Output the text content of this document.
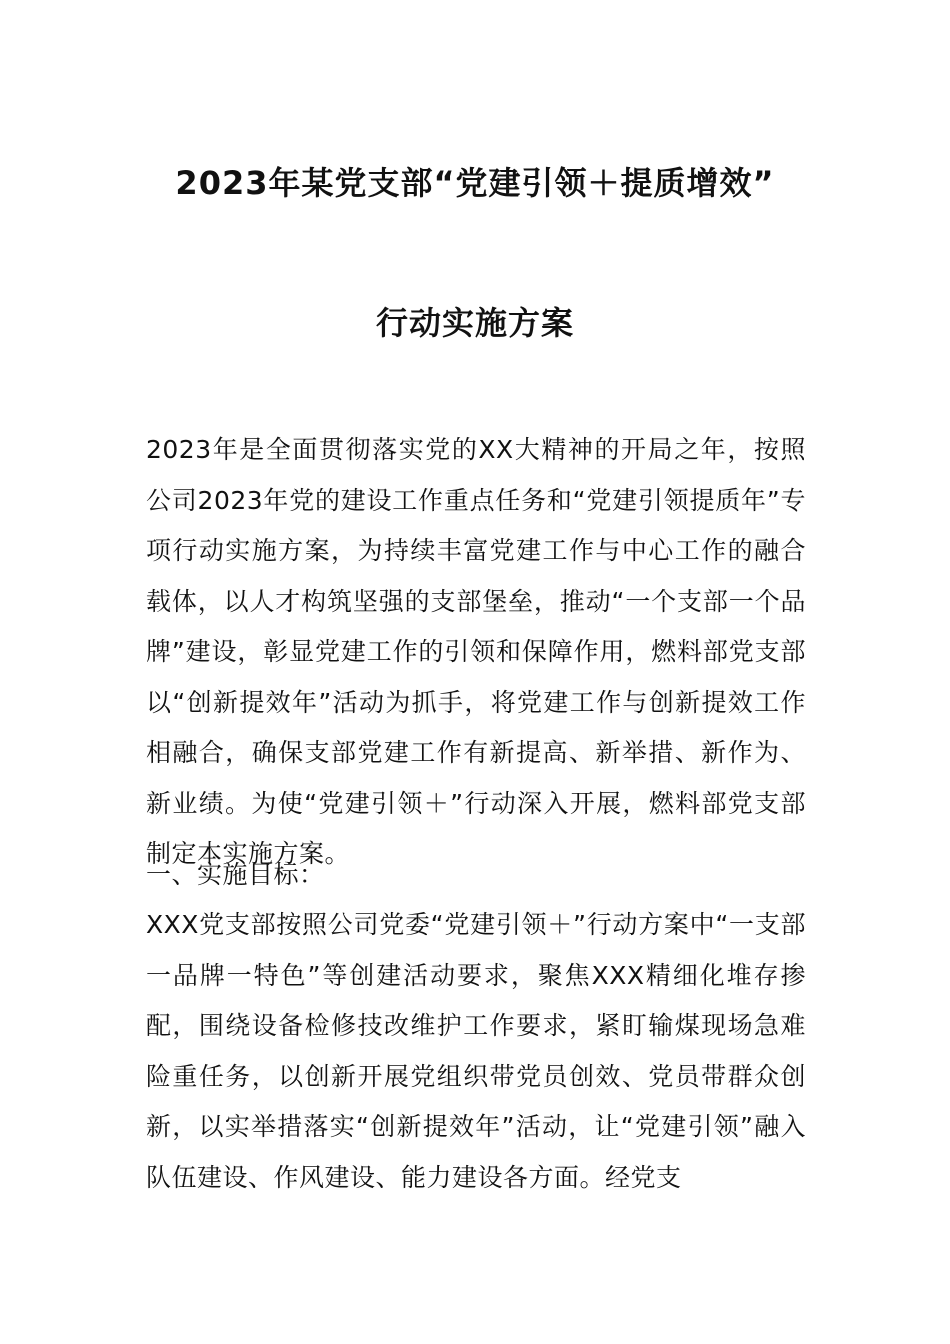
2023年某党支部“党建引领＋提质增效”
行动实施方案

2023年是全面贯彻落实党的XX大精神的开局之年，按照公司2023年党的建设工作重点任务和“党建引领提质年”专项行动实施方案，为持续丰富党建工作与中心工作的融合载体，以人才构筑坚强的支部堡垒，推动“一个支部一个品牌”建设，彰显党建工作的引领和保障作用，燃料部党支部以“创新提效年”活动为抓手，将党建工作与创新提效工作相融合，确保支部党建工作有新提高、新举措、新作为、新业绩。为使“党建引领＋”行动深入开展，燃料部党支部制定本实施方案。

一、实施目标：

XXX党支部按照公司党委“党建引领＋”行动方案中“一支部一品牌一特色”等创建活动要求，聚焦XXX精细化堆存掺配，围绕设备检修技改维护工作要求，紧盯输煤现场急难险重任务，以创新开展党组织带党员创效、党员带群众创新，以实举措落实“创新提效年”活动，让“党建引领”融入队伍建设、作风建设、能力建设各方面。经党支
